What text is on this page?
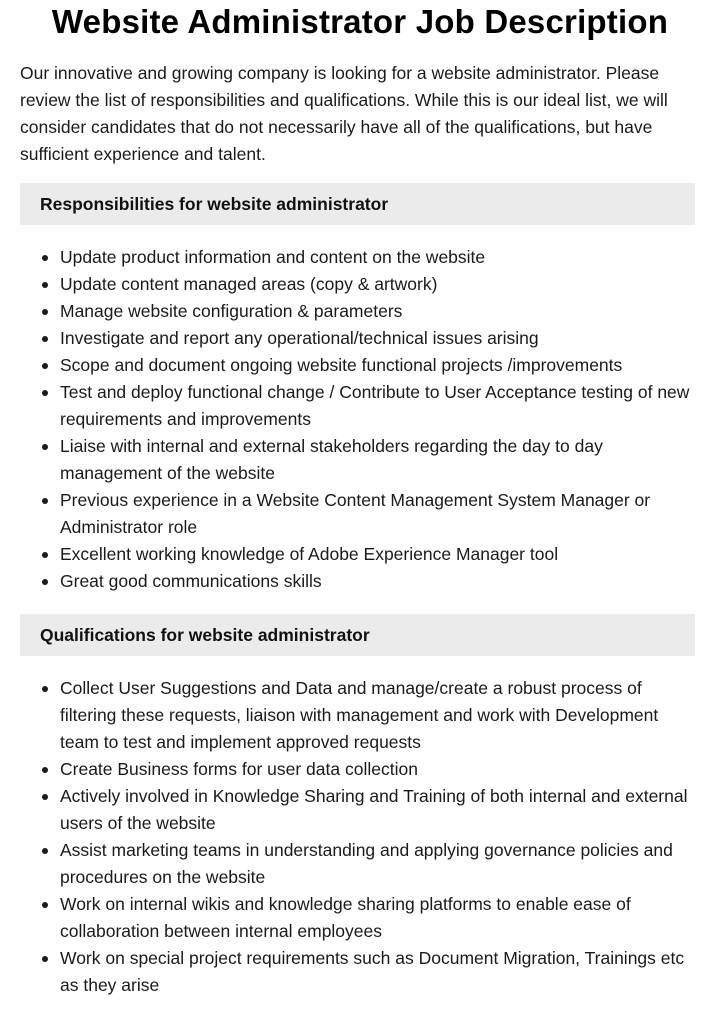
Website Administrator Job Description

Our innovative and growing company is looking for a website administrator. Please review the list of responsibilities and qualifications. While this is our ideal list, we will consider candidates that do not necessarily have all of the qualifications, but have sufficient experience and talent.

Responsibilities for website administrator
Update product information and content on the website
Update content managed areas (copy & artwork)
Manage website configuration & parameters
Investigate and report any operational/technical issues arising
Scope and document ongoing website functional projects /improvements
Test and deploy functional change / Contribute to User Acceptance testing of new requirements and improvements
Liaise with internal and external stakeholders regarding the day to day management of the website
Previous experience in a Website Content Management System Manager or Administrator role
Excellent working knowledge of Adobe Experience Manager tool
Great good communications skills
Qualifications for website administrator
Collect User Suggestions and Data and manage/create a robust process of filtering these requests, liaison with management and work with Development team to test and implement approved requests
Create Business forms for user data collection
Actively involved in Knowledge Sharing and Training of both internal and external users of the website
Assist marketing teams in understanding and applying governance policies and procedures on the website
Work on internal wikis and knowledge sharing platforms to enable ease of collaboration between internal employees
Work on special project requirements such as Document Migration, Trainings etc as they arise
